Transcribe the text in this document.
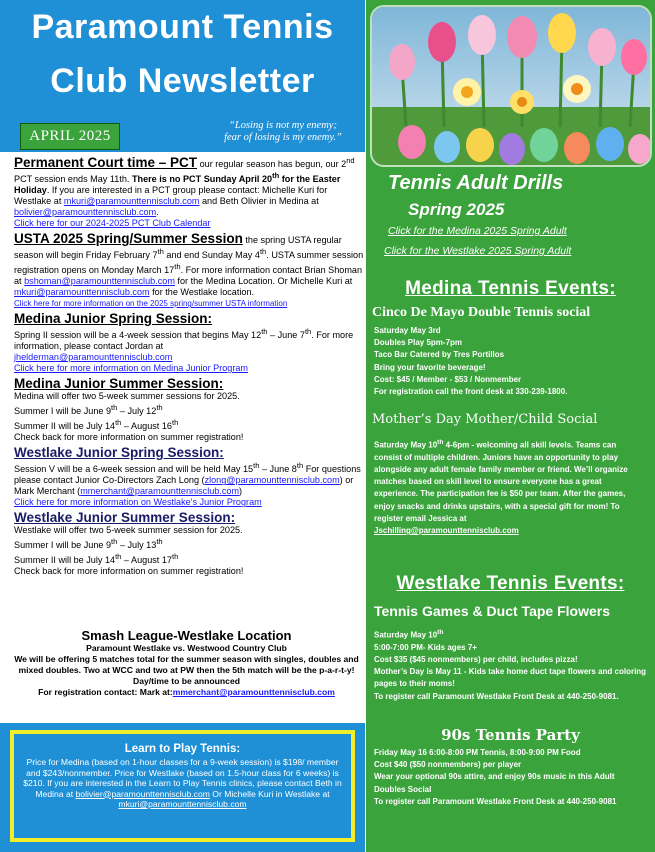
Paramount Tennis
Club Newsletter
APRIL 2025
“Losing is not my enemy;
fear of losing is my enemy.”
Permanent Court time – PCT our regular season has begun, our 2nd PCT session ends May 11th. There is no PCT Sunday April 20th for the Easter Holiday. If you are interested in a PCT group please contact: Michelle Kuri for Westlake at mkuri@paramounttennisclub.com and Beth Olivier in Medina at bolivier@paramounttennisclub.com.
Click here for our 2024-2025 PCT Club Calendar
USTA 2025 Spring/Summer Session the spring USTA regular season will begin Friday February 7th and end Sunday May 4th. USTA summer session registration opens on Monday March 17th. For more information contact Brian Shoman at bshoman@paramounttennisclub.com for the Medina Location. Or Michelle Kuri at mkuri@paramounttennisclub.com for the Westlake location.
Click here for more information on the 2025 spring/summer USTA information
Medina Junior Spring Session:
Spring II session will be a 4-week session that begins May 12th – June 7th. For more information, please contact Jordan at
jhelderman@paramounttennisclub.com
Click here for more information on Medina Junior Program
Medina Junior Summer Session:
Medina will offer two 5-week summer sessions for 2025.
Summer I will be June 9th – July 12th
Summer II will be July 14th – August 16th
Check back for more information on summer registration!
Westlake Junior Spring Session:
Session V will be a 6-week session and will be held May 15th – June 8th For questions please contact Junior Co-Directors Zach Long (zlong@paramounttennisclub.com) or Mark Merchant (mmerchant@paramounttennisclub.com)
Click here for more information on Westlake's Junior Program
Westlake Junior Summer Session:
Westlake will offer two 5-week summer session for 2025.
Summer I will be June 9th – July 13th
Summer II will be July 14th – August 17th
Check back for more information on summer registration!
Smash League-Westlake Location
Paramount Westlake vs. Westwood Country Club
We will be offering 5 matches total for the summer season with singles, doubles and mixed doubles. Two at WCC and two at PW then the 5th match will be the p-a-r-t-y!
Day/time to be announced
For registration contact: Mark at:mmerchant@paramounttennisclub.com
Learn to Play Tennis:
Price for Medina (based on 1-hour classes for a 9-week session) is $198/ member and $243/nonmember. Price for Westlake (based on 1.5-hour class for 6 weeks) is $210. If you are interested in the Learn to Play Tennis clinics, please contact Beth in Medina at bolivier@paramounttennisclub.com Or Michelle Kuri in Westlake at mkuri@paramounttennisclub.com
Tennis Adult Drills
Spring 2025
Click for the Medina 2025 Spring Adult
Click for the Westlake 2025 Spring Adult
Medina Tennis Events:
Cinco De Mayo Double Tennis social
Saturday May 3rd
Doubles Play 5pm-7pm
Taco Bar Catered by Tres Portillos
Bring your favorite beverage!
Cost: $45 / Member - $53 / Nonmember
For registration call the front desk at 330-239-1800.
Mother’s Day Mother/Child Social
Saturday May 10th 4-6pm - welcoming all skill levels. Teams can consist of multiple children. Juniors have an opportunity to play alongside any adult female family member or friend. We’ll organize matches based on skill level to ensure everyone has a great experience. The participation fee is $50 per team. After the games, enjoy snacks and drinks upstairs, with a special gift for mom! To register email Jessica at
Jschilling@paramounttennisclub.com
Westlake Tennis Events:
Tennis Games & Duct Tape Flowers
Saturday May 10th
5:00-7:00 PM- Kids ages 7+
Cost $35 ($45 nonmembers) per child, includes pizza!
Mother’s Day is May 11 - Kids take home duct tape flowers and coloring pages to their moms!
To register call Paramount Westlake Front Desk at 440-250-9081.
90s Tennis Party
Friday May 16 6:00-8:00 PM Tennis, 8:00-9:00 PM Food
Cost $40 ($50 nonmembers) per player
Wear your optional 90s attire, and enjoy 90s music in this Adult Doubles Social
To register call Paramount Westlake Front Desk at 440-250-9081
